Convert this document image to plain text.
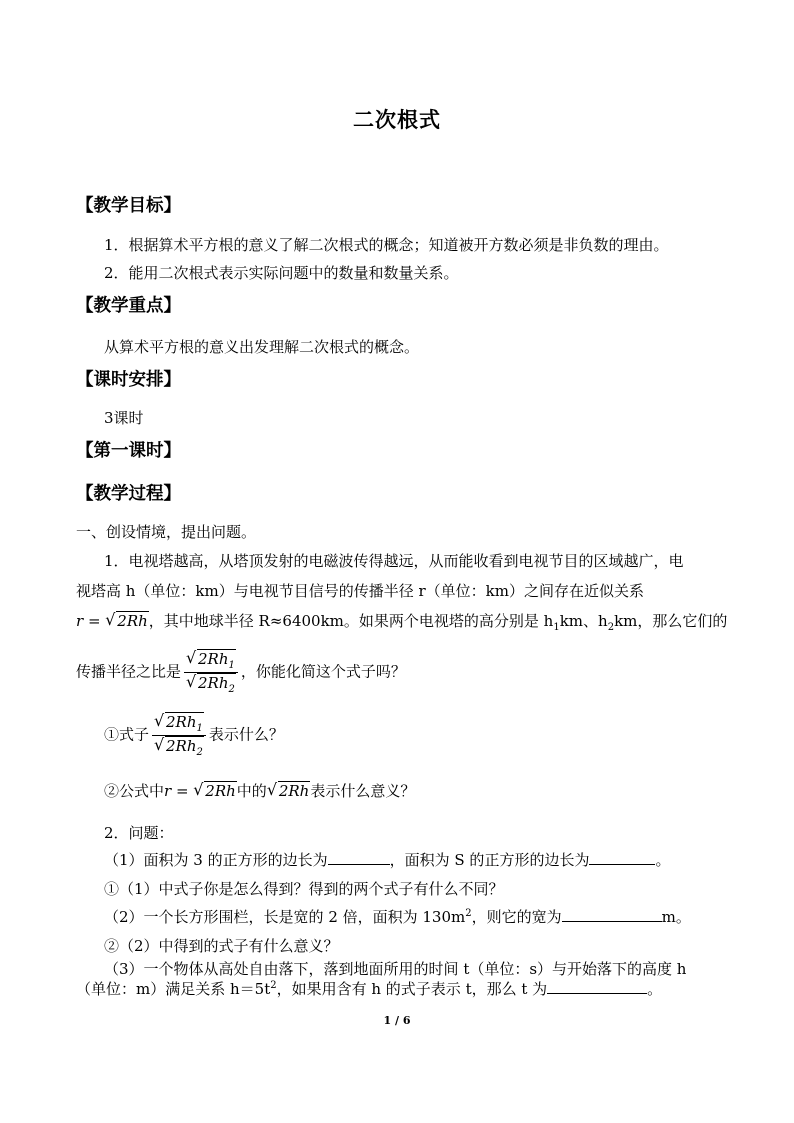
二次根式
【教学目标】
1．根据算术平方根的意义了解二次根式的概念；知道被开方数必须是非负数的理由。
2．能用二次根式表示实际问题中的数量和数量关系。
【教学重点】
从算术平方根的意义出发理解二次根式的概念。
【课时安排】
3课时
【第一课时】
【教学过程】
一、创设情境，提出问题。
1．电视塔越高，从塔顶发射的电磁波传得越远，从而能收看到电视节目的区域越广，电
视塔高 h（单位：km）与电视节目信号的传播半径 r（单位：km）之间存在近似关系
r = √ 2Rh，其中地球半径 R≈6400km。如果两个电视塔的高分别是 $h_1km$、$h_2km$，那么它们的
传播半径之比是 $\frac{√ 2Rh_1}{√ 2Rh_2}$ ，你能化简这个式子吗？
①式子 $\frac{√ 2Rh_1}{√ 2Rh_2}$ 表示什么？
②公式中r = √ 2Rh中的 √ 2Rh表示什么意义？
2．问题：
（1）面积为 3 的正方形的边长为	，面积为 S 的正方形的边长为	。
①（1）中式子你是怎么得到？得到的两个式子有什么不同？
（2）一个长方形围栏，长是宽的 2 倍，面积为 $130m^2$，则它的宽为	m。
②（2）中得到的式子有什么意义？
（3）一个物体从高处自由落下，落到地面所用的时间 t（单位：s）与开始落下的高度 h
（单位：m）满足关系 $h=5t^2$，如果用含有 h 的式子表示 t，那么 t 为	。
1 / 6
